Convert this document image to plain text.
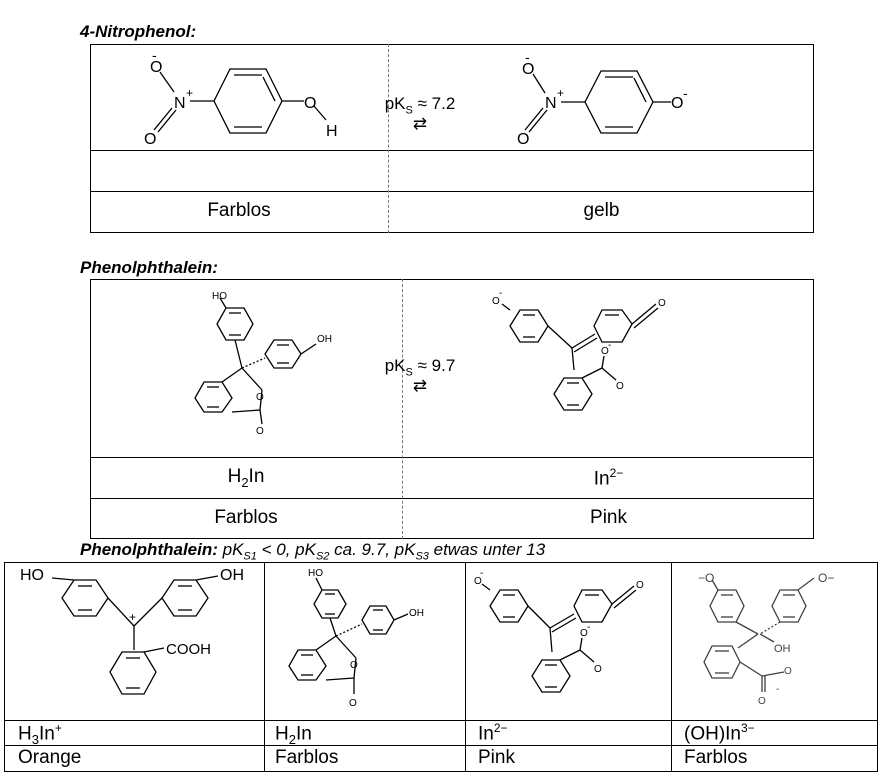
4-Nitrophenol:
N
+
O
-
O
O
H
$pK_S \approx 7.2$
⇄
N
+
O
-
O
O
-
Farblos	gelb
Phenolphthalein:
HO
OH
O
O
$pK_S \approx 9.7$
⇄
O
-
O
O
-
O
$H_2In$	$In^{2-}$
Farblos	Pink
Phenolphthalein: $pK_{S1} < 0$, $pK_{S2}$ ca. 9.7, $pK_{S3}$ etwas unter 13
HO	OH
+
COOH
HO
OH
O
O
O
-
O
O
-
O
−O	O−
OH
O
O
-
$H_3In^+$	$H_2In$	$In^{2-}$	$(OH)In^{3-}$
Orange	Farblos	Pink	Farblos
